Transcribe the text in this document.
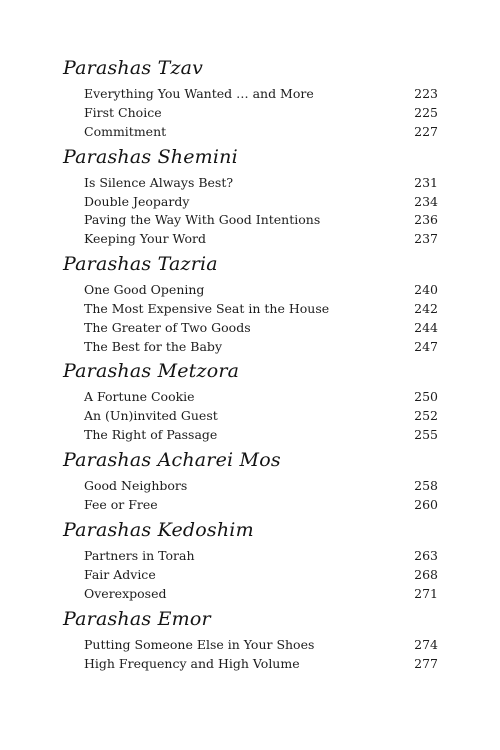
Parashas Tzav
Everything You Wanted … and More	223
First Choice	225
Commitment	227
Parashas Shemini
Is Silence Always Best?	231
Double Jeopardy	234
Paving the Way With Good Intentions	236
Keeping Your Word	237
Parashas Tazria
One Good Opening	240
The Most Expensive Seat in the House	242
The Greater of Two Goods	244
The Best for the Baby	247
Parashas Metzora
A Fortune Cookie	250
An (Un)invited Guest	252
The Right of Passage	255
Parashas Acharei Mos
Good Neighbors	258
Fee or Free	260
Parashas Kedoshim
Partners in Torah	263
Fair Advice	268
Overexposed	271
Parashas Emor
Putting Someone Else in Your Shoes	274
High Frequency and High Volume	277
